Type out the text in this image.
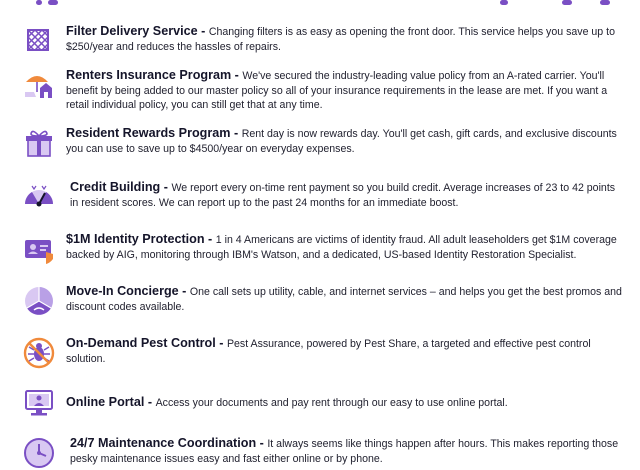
Filter Delivery Service - Changing filters is as easy as opening the front door. This service helps you save up to $250/year and reduces the hassles of repairs.
Renters Insurance Program - We've secured the industry-leading value policy from an A-rated carrier. You'll benefit by being added to our master policy so all of your insurance requirements in the lease are met. If you want a retail individual policy, you can still get that at any time.
Resident Rewards Program - Rent day is now rewards day. You'll get cash, gift cards, and exclusive discounts you can use to save up to $4500/year on everyday expenses.
Credit Building - We report every on-time rent payment so you build credit. Average increases of 23 to 42 points in resident scores. We can report up to the past 24 months for an immediate boost.
$1M Identity Protection - 1 in 4 Americans are victims of identity fraud. All adult leaseholders get $1M coverage backed by AIG, monitoring through IBM's Watson, and a dedicated, US-based Identity Restoration Specialist.
Move-In Concierge - One call sets up utility, cable, and internet services – and helps you get the best promos and discount codes available.
On-Demand Pest Control - Pest Assurance, powered by Pest Share, a targeted and effective pest control solution.
Online Portal - Access your documents and pay rent through our easy to use online portal.
24/7 Maintenance Coordination - It always seems like things happen after hours. This makes reporting those pesky maintenance issues easy and fast either online or by phone.
